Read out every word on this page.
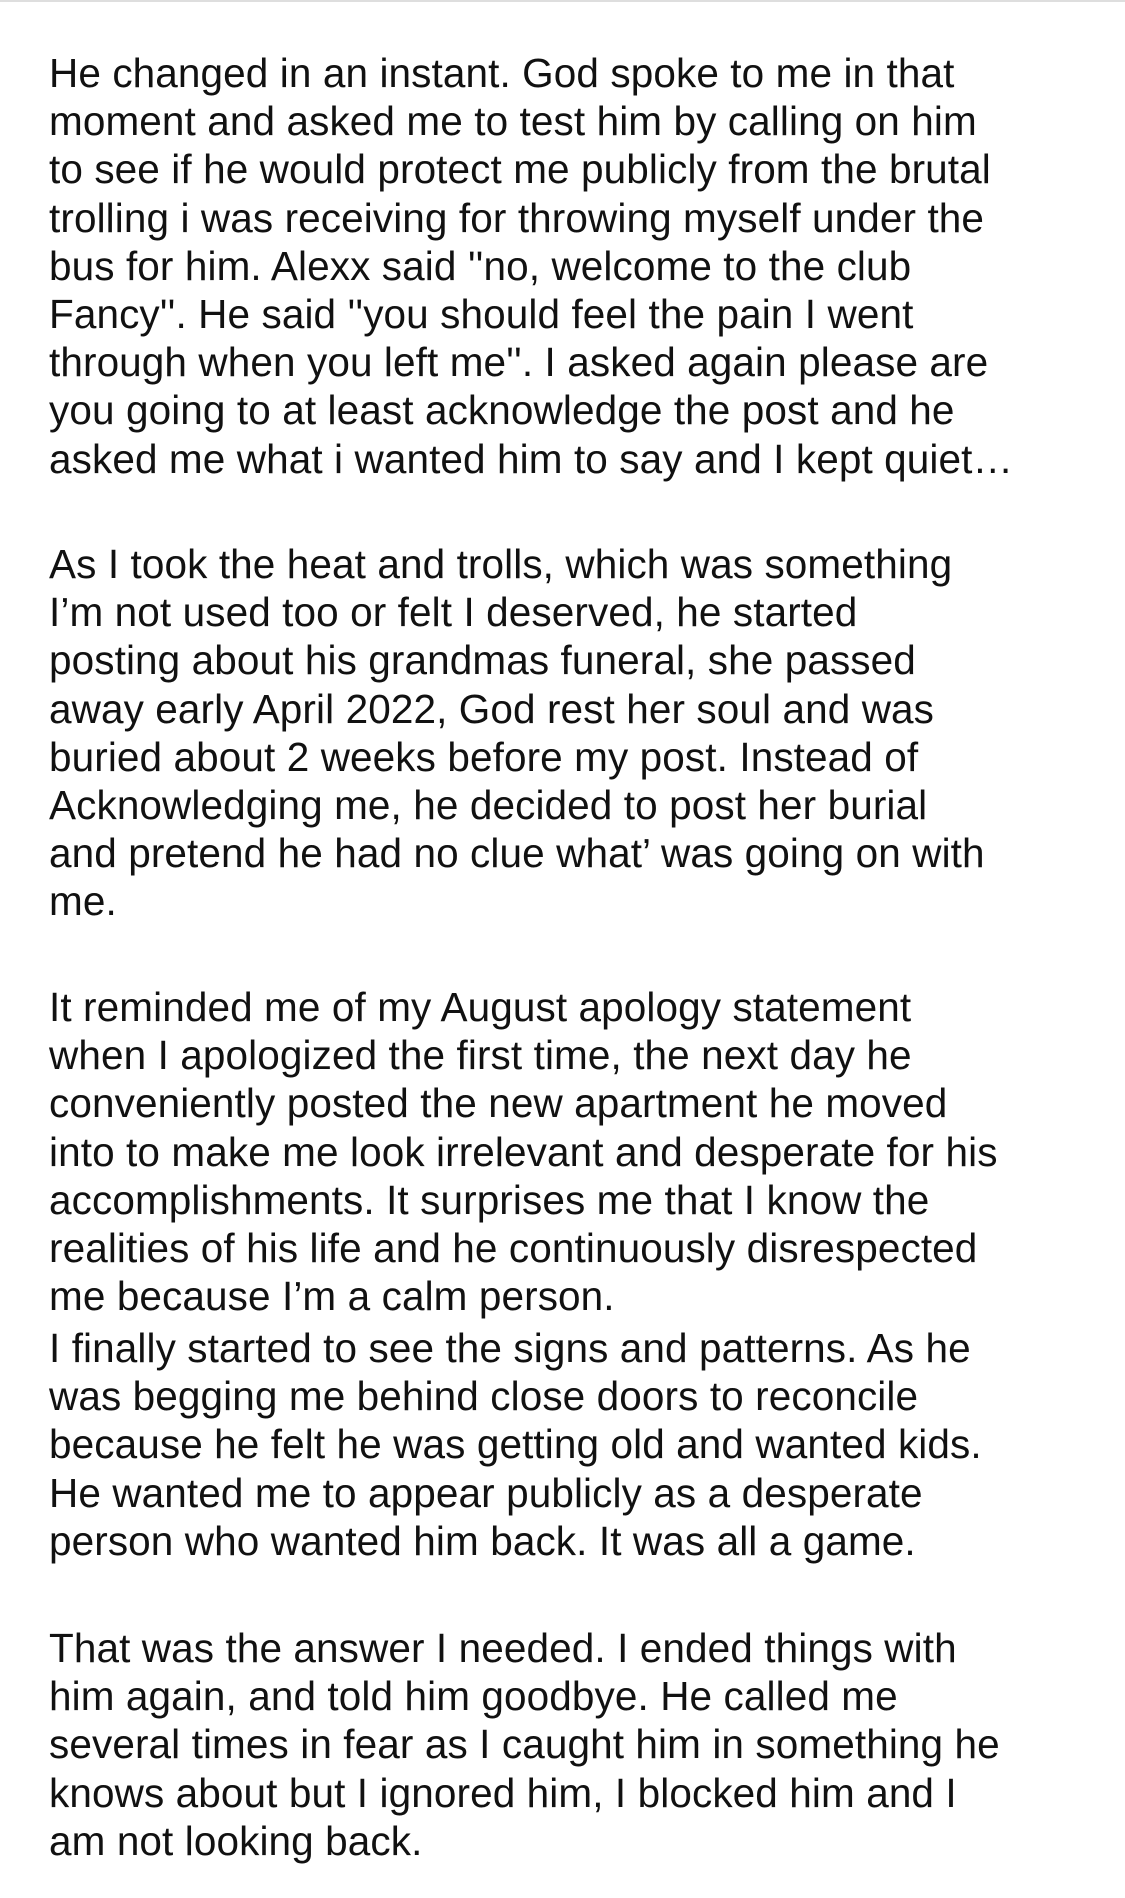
He changed in an instant. God spoke to me in that
moment and asked me to test him by calling on him
to see if he would protect me publicly from the brutal
trolling i was receiving for throwing myself under the
bus for him. Alexx said ''no, welcome to the club
Fancy''. He said ''you should feel the pain I went
through when you left me''. I asked again please are
you going to at least acknowledge the post and he
asked me what i wanted him to say and I kept quiet…
As I took the heat and trolls, which was something
I’m not used too or felt I deserved, he started
posting about his grandmas funeral, she passed
away early April 2022, God rest her soul and was
buried about 2 weeks before my post. Instead of
Acknowledging me, he decided to post her burial
and pretend he had no clue what’ was going on with
me.
It reminded me of my August apology statement
when I apologized the first time, the next day he
conveniently posted the new apartment he moved
into to make me look irrelevant and desperate for his
accomplishments. It surprises me that I know the
realities of his life and he continuously disrespected
me because I’m a calm person.
I finally started to see the signs and patterns. As he
was begging me behind close doors to reconcile
because he felt he was getting old and wanted kids.
He wanted me to appear publicly as a desperate
person who wanted him back. It was all a game.
That was the answer I needed. I ended things with
him again, and told him goodbye. He called me
several times in fear as I caught him in something he
knows about but I ignored him, I blocked him and I
am not looking back.
